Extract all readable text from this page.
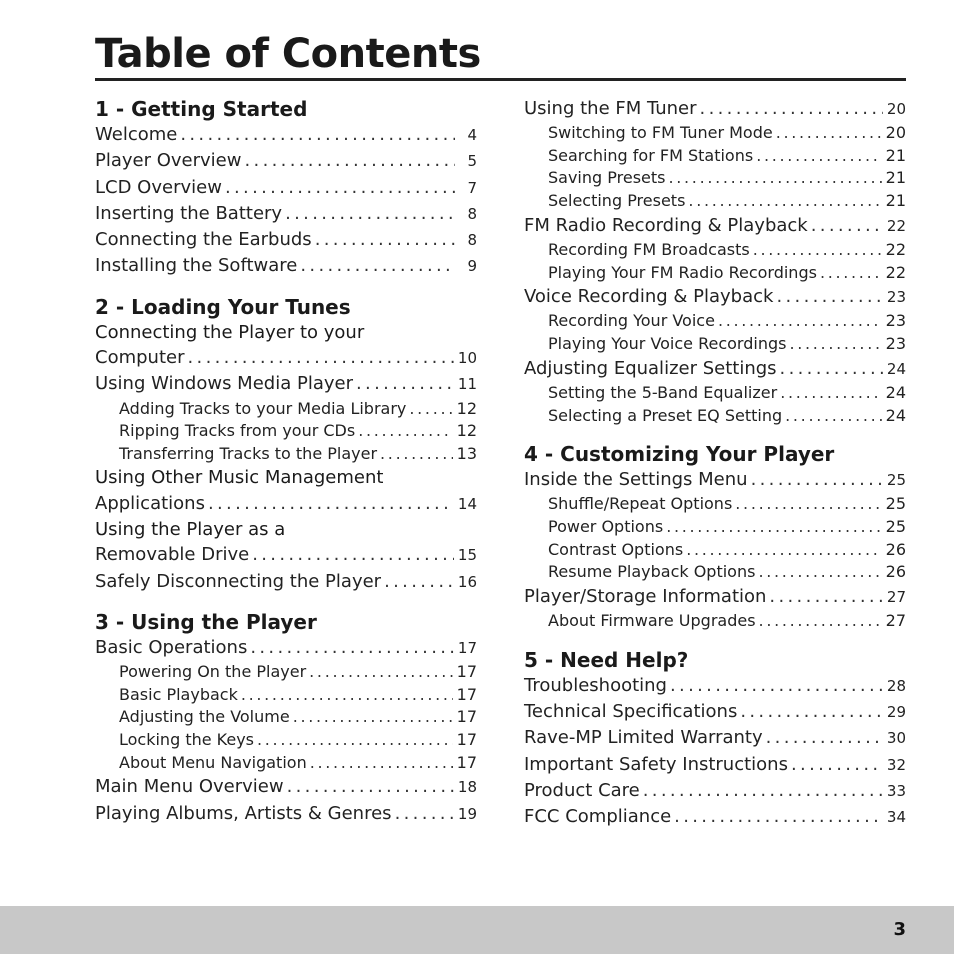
Table of Contents
1 - Getting Started
Welcome . . .	4
Player Overview . . .	5
LCD Overview . . .	7
Inserting the Battery . . .	8
Connecting the Earbuds . . .	8
Installing the Software . . .	9
2 - Loading Your Tunes
Connecting the Player to your
Computer . . .	10
Using Windows Media Player . . .	11
Adding Tracks to your Media Library . . .	12
Ripping Tracks from your CDs . . .	12
Transferring Tracks to the Player . . .	13
Using Other Music Management
Applications . . .	14
Using the Player as a
Removable Drive . . .	15
Safely Disconnecting the Player . . .	16
3 - Using the Player
Basic Operations . . .	17
Powering On the Player . . .	17
Basic Playback . . .	17
Adjusting the Volume . . .	17
Locking the Keys . . .	17
About Menu Navigation . . .	17
Main Menu Overview . . .	18
Playing Albums, Artists & Genres . . .	19
Using the FM Tuner . . .	20
Switching to FM Tuner Mode . . .	20
Searching for FM Stations . . .	21
Saving Presets . . .	21
Selecting Presets . . .	21
FM Radio Recording & Playback . . .	22
Recording FM Broadcasts . . .	22
Playing Your FM Radio Recordings . . .	22
Voice Recording & Playback . . .	23
Recording Your Voice . . .	23
Playing Your Voice Recordings . . .	23
Adjusting Equalizer Settings . . .	24
Setting the 5-Band Equalizer . . .	24
Selecting a Preset EQ Setting . . .	24
4 - Customizing Your Player
Inside the Settings Menu . . .	25
Shuffle/Repeat Options . . .	25
Power Options . . .	25
Contrast Options . . .	26
Resume Playback Options . . .	26
Player/Storage Information . . .	27
About Firmware Upgrades . . .	27
5 - Need Help?
Troubleshooting . . .	28
Technical Specifications . . .	29
Rave-MP Limited Warranty . . .	30
Important Safety Instructions . . .	32
Product Care . . .	33
FCC Compliance . . .	34
3
